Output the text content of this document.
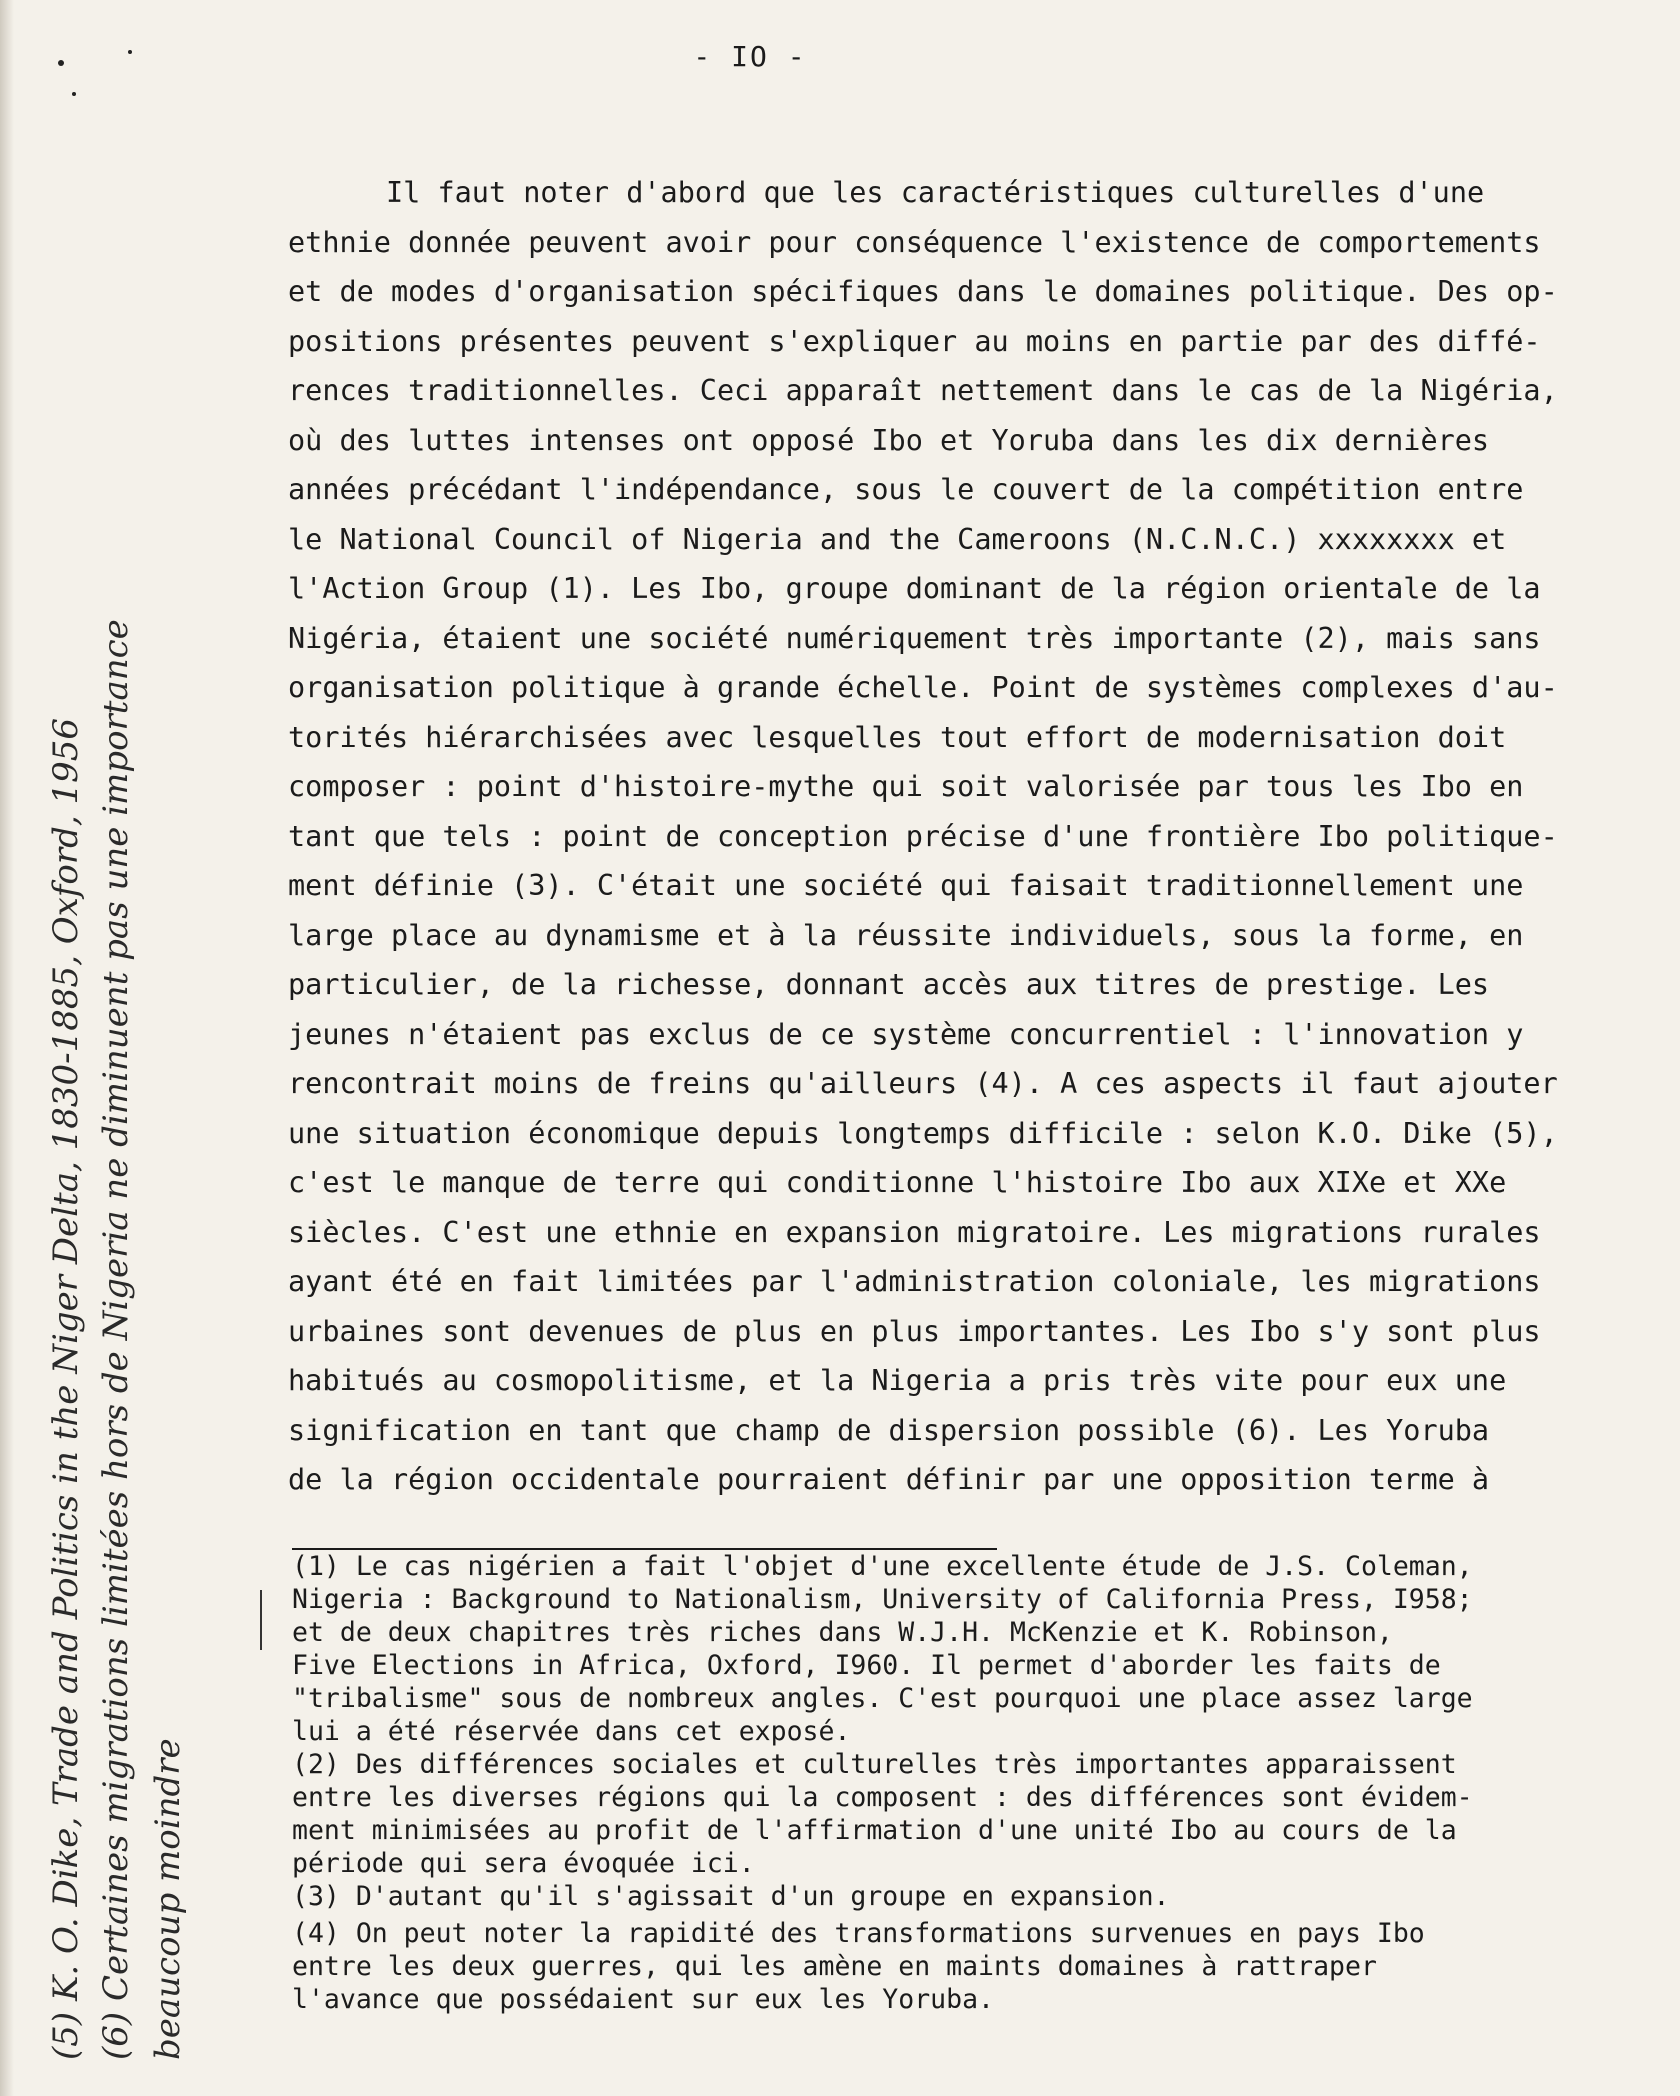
- IO -
(5) K. O. Dike, Trade and Politics in the Niger Delta, 1830-1885, Oxford, 1956 (6) Certaines migrations limitées hors de Nigeria ne diminuent pas une importance beaucoup moindre
Il faut noter d'abord que les caractéristiques culturelles d'une
ethnie donnée peuvent avoir pour conséquence l'existence de comportements
et de modes d'organisation spécifiques dans le domaines politique. Des op-
positions présentes peuvent s'expliquer au moins en partie par des diffé-
rences traditionnelles. Ceci apparaît nettement dans le cas de la Nigéria,
où des luttes intenses ont opposé Ibo et Yoruba dans les dix dernières
années précédant l'indépendance, sous le couvert de la compétition entre
le National Council of Nigeria and the Cameroons (N.C.N.C.) xxxxxxxx et
l'Action Group (1). Les Ibo, groupe dominant de la région orientale de la
Nigéria, étaient une société numériquement très importante (2), mais sans
organisation politique à grande échelle. Point de systèmes complexes d'au-
torités hiérarchisées avec lesquelles tout effort de modernisation doit
composer : point d'histoire-mythe qui soit valorisée par tous les Ibo en
tant que tels : point de conception précise d'une frontière Ibo politique-
ment définie (3). C'était une société qui faisait traditionnellement une
large place au dynamisme et à la réussite individuels, sous la forme, en
particulier, de la richesse, donnant accès aux titres de prestige. Les
jeunes n'étaient pas exclus de ce système concurrentiel : l'innovation y
rencontrait moins de freins qu'ailleurs (4). A ces aspects il faut ajouter
une situation économique depuis longtemps difficile : selon K.O. Dike (5),
c'est le manque de terre qui conditionne l'histoire Ibo aux XIXe et XXe
siècles. C'est une ethnie en expansion migratoire. Les migrations rurales
ayant été en fait limitées par l'administration coloniale, les migrations
urbaines sont devenues de plus en plus importantes. Les Ibo s'y sont plus
habitués au cosmopolitisme, et la Nigeria a pris très vite pour eux une
signification en tant que champ de dispersion possible (6). Les Yoruba
de la région occidentale pourraient définir par une opposition terme à
(1) Le cas nigérien a fait l'objet d'une excellente étude de J.S. Coleman,
Nigeria : Background to Nationalism, University of California Press, I958;
et de deux chapitres très riches dans W.J.H. McKenzie et K. Robinson,
Five Elections in Africa, Oxford, I960. Il permet d'aborder les faits de
"tribalisme" sous de nombreux angles. C'est pourquoi une place assez large
lui a été réservée dans cet exposé.
(2) Des différences sociales et culturelles très importantes apparaissent
entre les diverses régions qui la composent : des différences sont évidem-
ment minimisées au profit de l'affirmation d'une unité Ibo au cours de la
période qui sera évoquée ici.
(3) D'autant qu'il s'agissait d'un groupe en expansion.
(4) On peut noter la rapidité des transformations survenues en pays Ibo
entre les deux guerres, qui les amène en maints domaines à rattraper
l'avance que possédaient sur eux les Yoruba.
